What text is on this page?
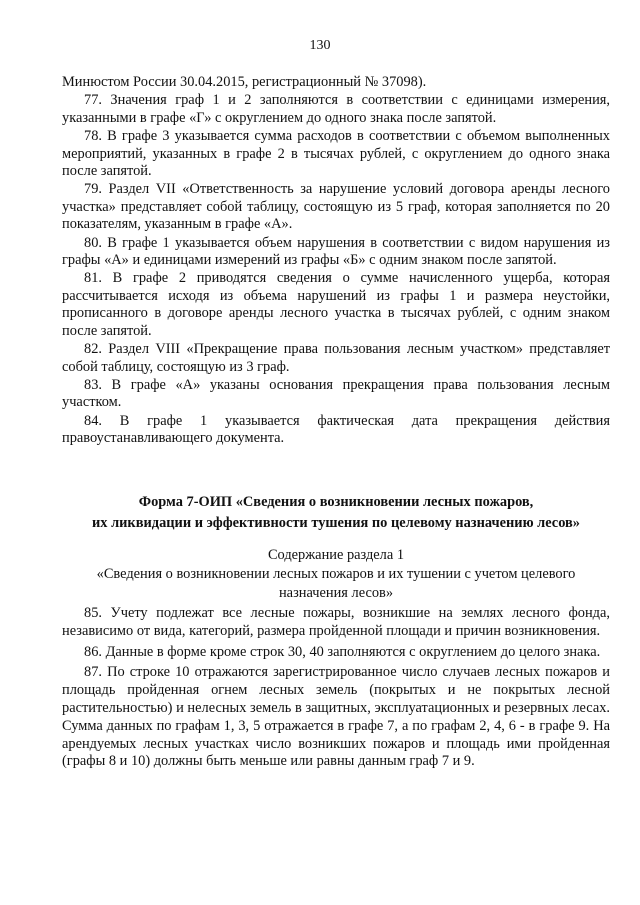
130

Минюстом России 30.04.2015, регистрационный № 37098).

77. Значения граф 1 и 2 заполняются в соответствии с единицами измерения, указанными в графе «Г» с округлением до одного знака после запятой.

78. В графе 3 указывается сумма расходов в соответствии с объемом выполненных мероприятий, указанных в графе 2 в тысячах рублей, с округлением до одного знака после запятой.

79. Раздел VII «Ответственность за нарушение условий договора аренды лесного участка» представляет собой таблицу, состоящую из 5 граф, которая заполняется по 20 показателям, указанным в графе «А».

80. В графе 1 указывается объем нарушения в соответствии с видом нарушения из графы «А» и единицами измерений из графы «Б» с одним знаком после запятой.

81. В графе 2 приводятся сведения о сумме начисленного ущерба, которая рассчитывается исходя из объема нарушений из графы 1 и размера неустойки, прописанного в договоре аренды лесного участка в тысячах рублей, с одним знаком после запятой.

82. Раздел VIII «Прекращение права пользования лесным участком» представляет собой таблицу, состоящую из 3 граф.

83. В графе «А» указаны основания прекращения права пользования лесным участком.

84. В графе 1 указывается фактическая дата прекращения действия правоустанавливающего документа.

Форма 7-ОИП «Сведения о возникновении лесных пожаров,
их ликвидации и эффективности тушения по целевому назначению лесов»
Содержание раздела 1
«Сведения о возникновении лесных пожаров и их тушении с учетом целевого
назначения лесов»

85. Учету подлежат все лесные пожары, возникшие на землях лесного фонда, независимо от вида, категорий, размера пройденной площади и причин возникновения.

86. Данные в форме кроме строк 30, 40 заполняются с округлением до целого знака.

87. По строке 10 отражаются зарегистрированное число случаев лесных пожаров и площадь пройденная огнем лесных земель (покрытых и не покрытых лесной растительностью) и нелесных земель в защитных, эксплуатационных и резервных лесах. Сумма данных по графам 1, 3, 5 отражается в графе 7, а по графам 2, 4, 6 - в графе 9. На арендуемых лесных участках число возникших пожаров и площадь ими пройденная (графы 8 и 10) должны быть меньше или равны данным граф 7 и 9.
